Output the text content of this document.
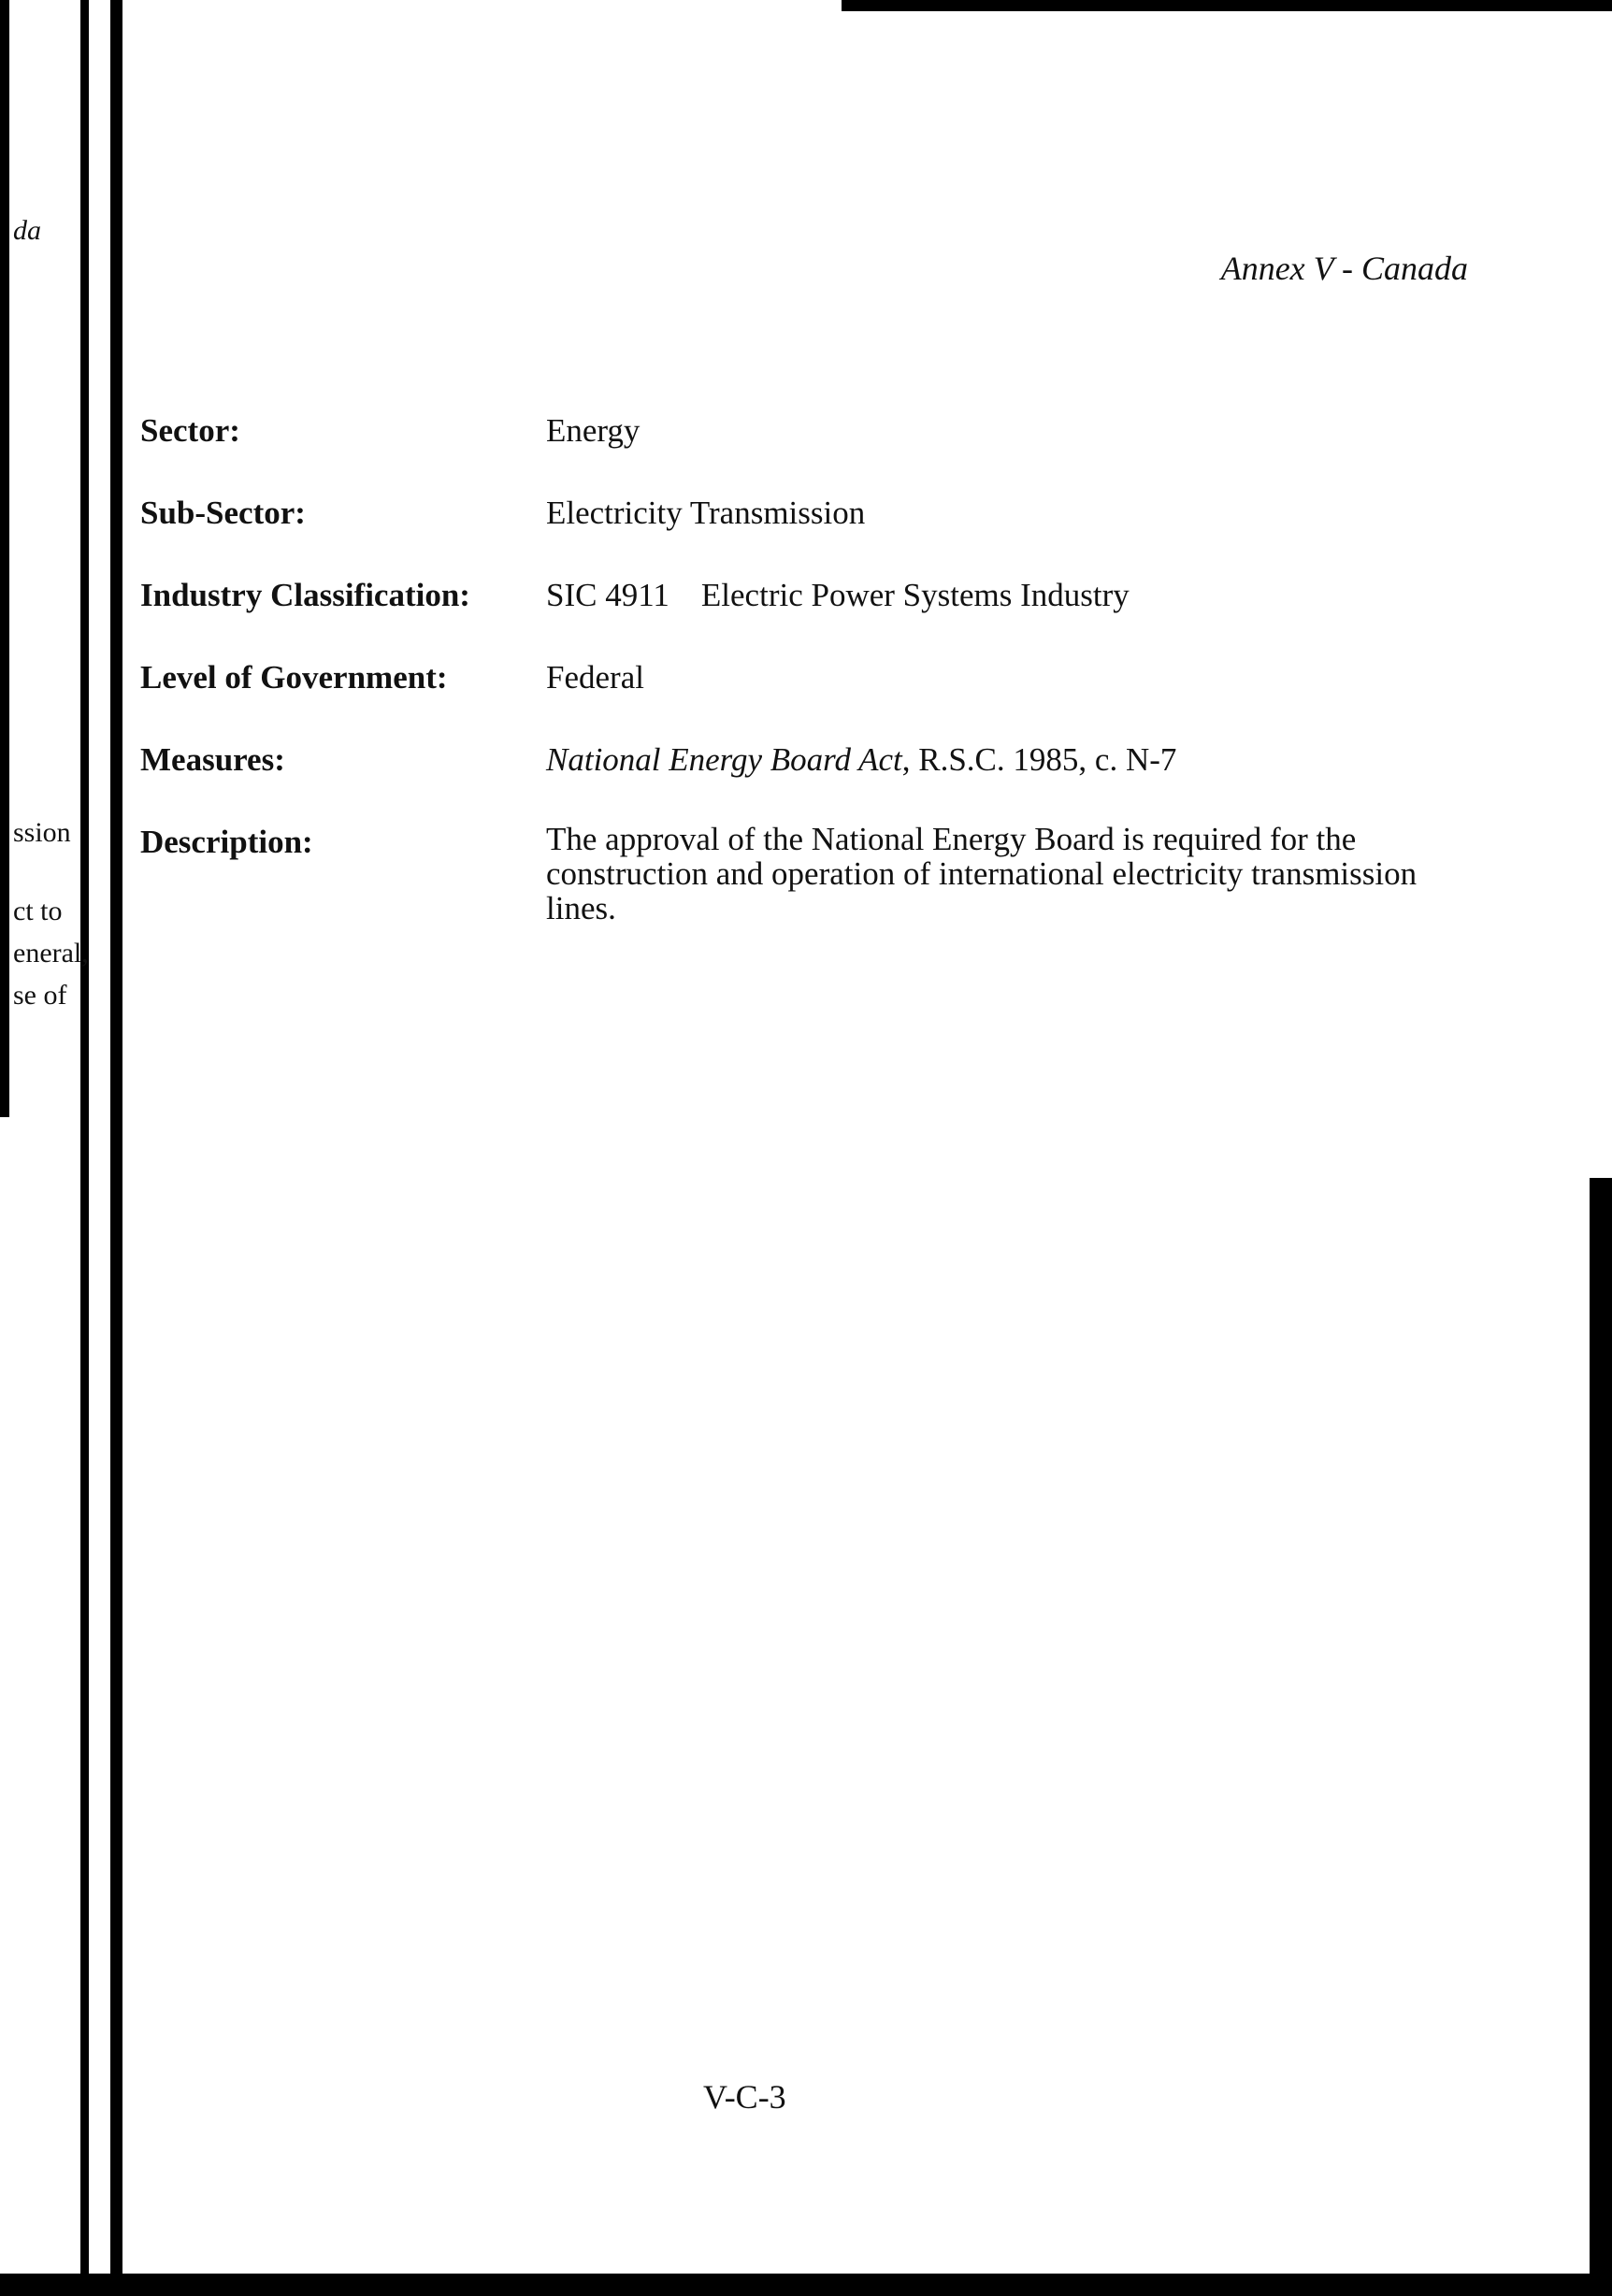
da
ssion
ct to
eneral,
se of
Annex V - Canada
Sector:	Energy
Sub-Sector:	Electricity Transmission
Industry Classification: SIC 4911 Electric Power Systems Industry
Level of Government:	Federal
Measures:	National Energy Board Act, R.S.C. 1985, c. N-7
Description:	The approval of the National Energy Board is required for the construction and operation of international electricity transmission lines.
V-C-3
